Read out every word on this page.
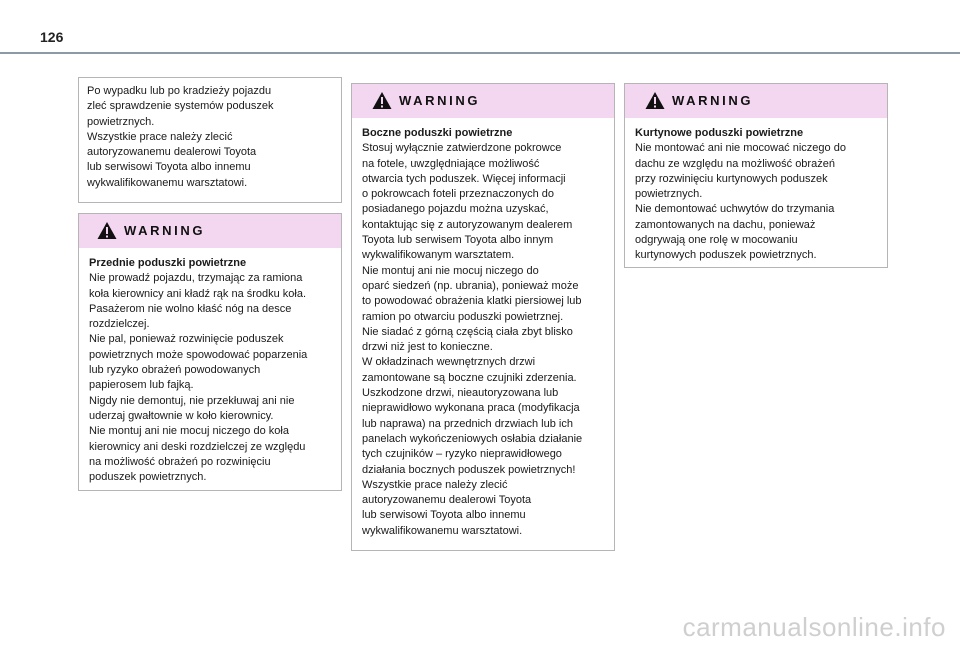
126
Po wypadku lub po kradzieży pojazdu
zleć sprawdzenie systemów poduszek
powietrznych.
Wszystkie prace należy zlecić
autoryzowanemu dealerowi Toyota
lub serwisowi Toyota albo innemu
wykwalifikowanemu warsztatowi.
WARNING
Przednie poduszki powietrzne
Nie prowadź pojazdu, trzymając za ramiona
koła kierownicy ani kładź rąk na środku koła.
Pasażerom nie wolno kłaść nóg na desce
rozdzielczej.
Nie pal, ponieważ rozwinięcie poduszek
powietrznych może spowodować poparzenia
lub ryzyko obrażeń powodowanych
papierosem lub fajką.
Nigdy nie demontuj, nie przekłuwaj ani nie
uderzaj gwałtownie w koło kierownicy.
Nie montuj ani nie mocuj niczego do koła
kierownicy ani deski rozdzielczej ze względu
na możliwość obrażeń po rozwinięciu
poduszek powietrznych.
WARNING
Boczne poduszki powietrzne
Stosuj wyłącznie zatwierdzone pokrowce
na fotele, uwzględniające możliwość
otwarcia tych poduszek. Więcej informacji
o pokrowcach foteli przeznaczonych do
posiadanego pojazdu można uzyskać,
kontaktując się z autoryzowanym dealerem
Toyota lub serwisem Toyota albo innym
wykwalifikowanym warsztatem.
Nie montuj ani nie mocuj niczego do
oparć siedzeń (np. ubrania), ponieważ może
to powodować obrażenia klatki piersiowej lub
ramion po otwarciu poduszki powietrznej.
Nie siadać z górną częścią ciała zbyt blisko
drzwi niż jest to konieczne.
W okładzinach wewnętrznych drzwi
zamontowane są boczne czujniki zderzenia.
Uszkodzone drzwi, nieautoryzowana lub
nieprawidłowo wykonana praca (modyfikacja
lub naprawa) na przednich drzwiach lub ich
panelach wykończeniowych osłabia działanie
tych czujników – ryzyko nieprawidłowego
działania bocznych poduszek powietrznych!
Wszystkie prace należy zlecić
autoryzowanemu dealerowi Toyota
lub serwisowi Toyota albo innemu
wykwalifikowanemu warsztatowi.
WARNING
Kurtynowe poduszki powietrzne
Nie montować ani nie mocować niczego do
dachu ze względu na możliwość obrażeń
przy rozwinięciu kurtynowych poduszek
powietrznych.
Nie demontować uchwytów do trzymania
zamontowanych na dachu, ponieważ
odgrywają one rolę w mocowaniu
kurtynowych poduszek powietrznych.
carmanualsonline.info
